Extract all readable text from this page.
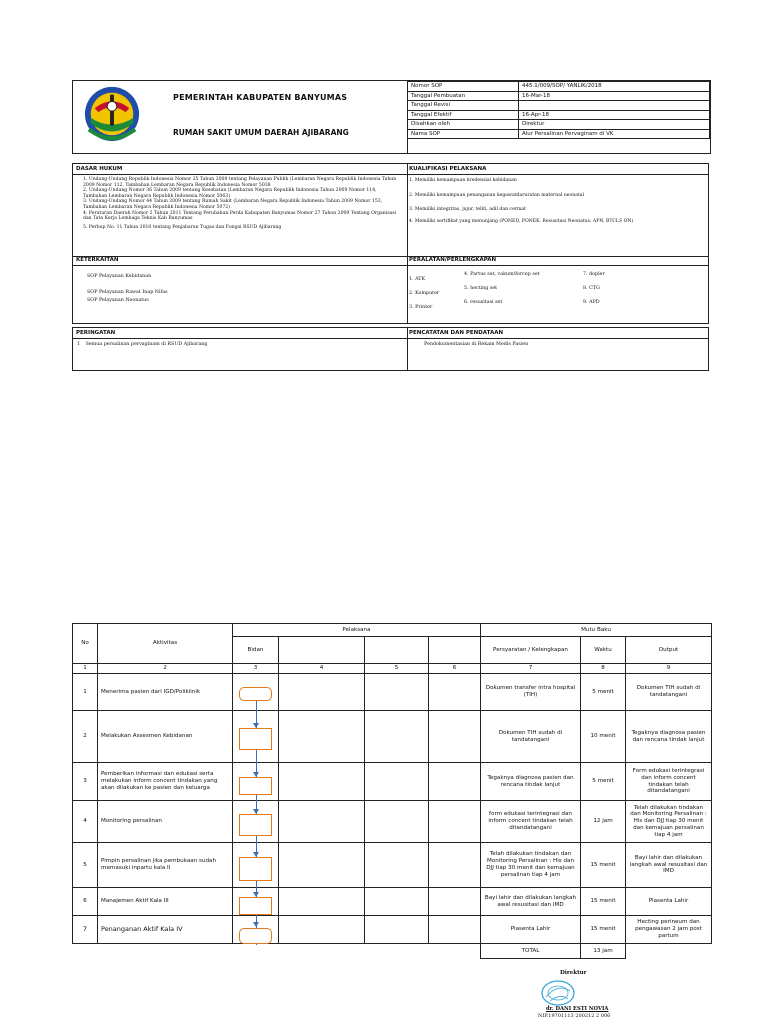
PEMERINTAH KABUPATEN BANYUMAS
RUMAH SAKIT UMUM DAERAH AJIBARANG
Nomor SOP	445.1/009/SOP/ YANLIK/2018
Tanggal Pembuatan	16-Mar-18
Tanggal Revisi	
Tanggal Efektif	16-Apr-18
Disahkan oleh	Direktur
Nama SOP	Alur Persalinan Pervaginam di VK
DASAR HUKUM
1. Undang-Undang Republik Indonesia Nomor 25 Tahun 2009 tentang Pelayanan Publik (Lembaran Negara Republik Indonesia Tahun 2009 Nomor 112, Tambahan Lembaran Negara Republik Indonesia Nomor 5038
2. Undang-Undang Nomor 36 Tahun 2009 tentang Kesehatan (Lembaran Negara Republik Indonesia Tahun 2009 Nomor 114, Tambahan Lembaran Negara Republik Indonesia Nomor 5063)
3. Undang-Undang Nomor 44 Tahun 2009 tentang Rumah Sakit (Lembaran Negara Republik Indonesia Tahun 2009 Nomor 153, Tambahan Lembaran Negara Republik Indonesia Nomor 5072)
4. Peraturan Daerah Nomor 2 Tahun 2011 Tentang Perubahan Perda Kabupaten Banyumas Nomor 27 Tahun 2009 Tentang Organisasi dan Tata Kerja Lembaga Teknis Kab Banyumas
5. Perbup No. 11 Tahun 2010 tentang Penjabaran Tugas dan Fungsi RSUD Ajibarang
KUALIFIKASI PELAKSANA
1. Memiliki kemampuan kredensial kebidanan
2. Memiliki kemampuan penanganan kegawatdaruratan maternal neonatal
3. Memiliki integritas, jujur, teliti, adil dan cermat
4. Memiliki sertifikat yang menunjang (PONED, PONEK, Resusitasi Neonatus, APN, BTCLS ON)
KETERKAITAN
SOP Pelayanan Kebidanan
SOP Pelayanan Rawat Inap Nifas
SOP Pelayanan Neonatus
PERALATAN/PERLENGKAPAN
1. ATK
2. Komputer
3. Printer
4. Partus set, vakum/forcep set
5. hecting set
6. resusitasi set
7. dopler
8. CTG
9. APD
PERINGATAN
1 Semua persalinan pervaginam di RSUD Ajibarang
PENCATATAN DAN PENDATAAN
Pendokumentasian di Rekam Medis Pasien
No	Aktivitas	Pelaksana				Mutu Baku		
		Bidan				Persyaratan / Kelengkapan	Waktu	Output
1	2	3	4	5	6	7	8	9
1	Menerima pasien dari IGD/Poliklinik					Dokumen transfer intra hospital (TIH)	5 menit	Dokumen TIH sudah di tandatangani
2	Melakukan Assesmen Kebidanan					Dokumen TIH sudah di tandatangani	10 menit	Tegaknya diagnosa pasien dan rencana tindak lanjut
3	Pemberikan informasi dan edukasi serta melakukan inform concent tindakan yang akan dilakukan ke pasien dan keluarga					Tegaknya diagnosa pasien dan rencana tindak lanjut	5 menit	Form edukasi terintegrasi dan inform concent tindakan telah ditandatangani
4	Monitoring persalinan					form edukasi terintegrasi dan inform concent tindakan telah ditandatangani	12 jam	Telah dilakukan tindakan dan Monitoring Persalinan : His dan DJJ tiap 30 menit dan kemajuan persalinan tiap 4 jam
5	Pimpin persalinan jika pembukaan sudah memasuki inpartu kala II					Telah dilakukan tindakan dan Monitoring Persalinan : His dan DJJ tiap 30 menit dan kemajuan persalinan tiap 4 jam	15 menit	Bayi lahir dan dilakukan langkah awal resusitasi dan IMD
6	Manajemen Aktif Kala III					Bayi lahir dan dilakukan langkah awal resusitasi dan IMD	15 menit	Plasenta Lahir
7	Penanganan Aktif Kala IV					Plasenta Lahir	15 menit	Hecting perineum dan pengawasan 2 jam post partum
						TOTAL	13 jam	
Direktur
dr. DANI ESTI NOVIA
NIP.19701113 200212 2 006
